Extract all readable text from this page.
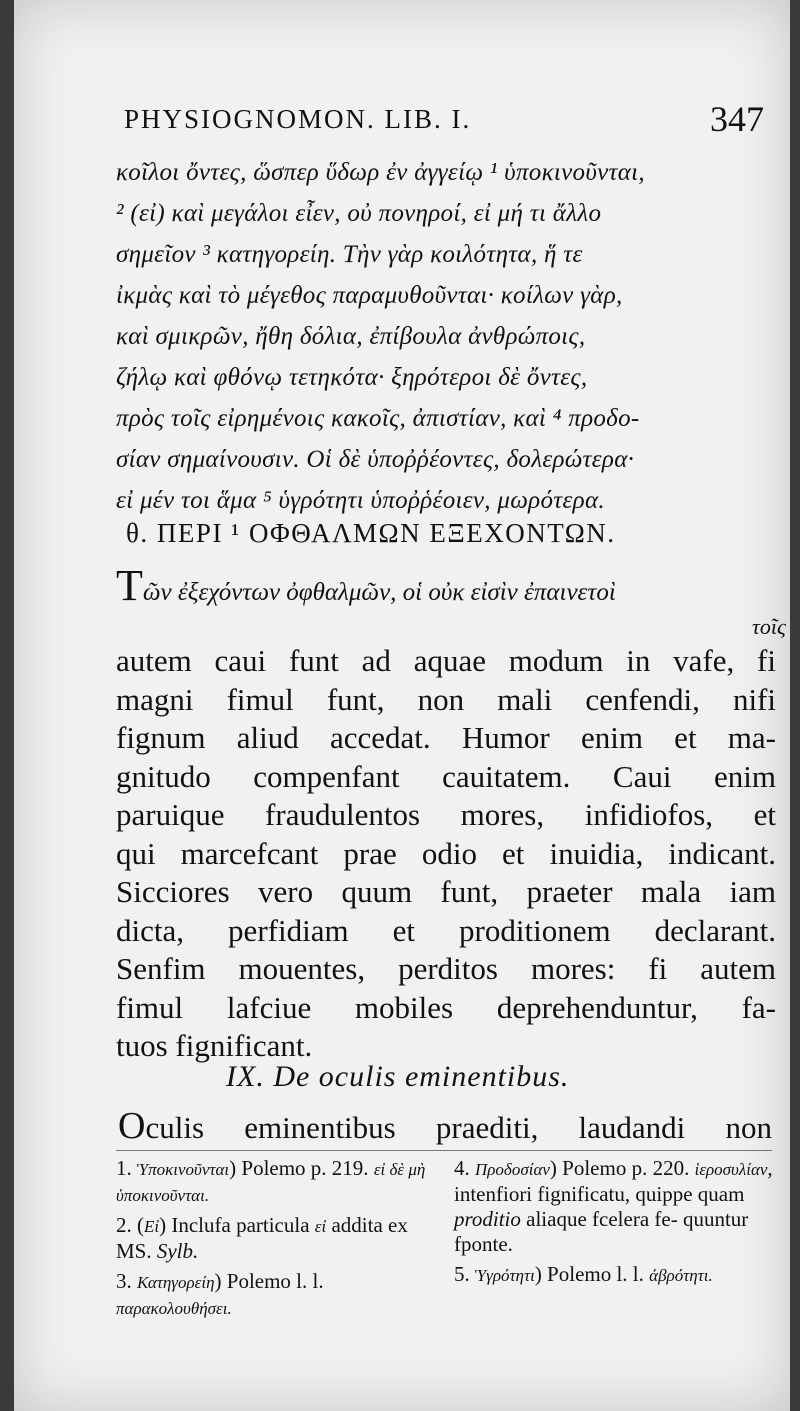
PHYSIOGNOMON. LIB. I.	347
κοῖλοι ὄντες, ὥσπερ ὕδωρ ἐν ἀγγείῳ ¹ ὑποκινοῦνται,
² (εἰ) καὶ μεγάλοι εἶεν, οὐ πονηροί, εἰ μή τι ἄλλο
σημεῖον ³ κατηγορείη. Τὴν γὰρ κοιλότητα, ἥ τε
ἰκμὰς καὶ τὸ μέγεθος παραμυθοῦνται· κοίλων γὰρ,
καὶ σμικρῶν, ἤθη δόλια, ἐπίβουλα ἀνθρώποις,
ζήλῳ καὶ φθόνῳ τετηκότα· ξηρότεροι δὲ ὄντες,
πρὸς τοῖς εἰρημένοις κακοῖς, ἀπιστίαν, καὶ ⁴ προδο-
σίαν σημαίνουσιν. Οἱ δὲ ὑποῤῥέοντες, δολερώτερα·
εἰ μέν τοι ἅμα ⁵ ὑγρότητι ὑποῤῥέοιεν, μωρότερα.
θ. ΠΕΡΙ ¹ ΟΦΘΑΛΜΩΝ ΕΞΕΧΟΝΤΩΝ.
Τῶν ἐξεχόντων ὀφθαλμῶν, οἱ οὐκ εἰσὶν ἐπαινετοὶ
τοῖς
autem caui funt ad aquae modum in vafe, fi
magni fimul funt, non mali cenfendi, nifi
fignum aliud accedat. Humor enim et ma-
gnitudo compenfant cauitatem. Caui enim
paruique fraudulentos mores, infidiofos, et
qui marcefcant prae odio et inuidia, indicant.
Sicciores vero quum funt, praeter mala iam
dicta, perfidiam et proditionem declarant.
Senfim mouentes, perditos mores: fi autem
fimul lafciue mobiles deprehenduntur, fa-
tuos fignificant.
IX. De oculis eminentibus.
Oculis eminentibus praediti, laudandi non
1. Ὑποκινοῦνται) Polemo p. 219. εἰ δὲ μὴ ὑποκινοῦνται.
2. (Εἰ) Inclufa particula εἰ addita ex MS. Sylb.
3. Κατηγορείη) Polemo l. l. παρακολουθήσει.
4. Προδοσίαν) Polemo p. 220. ἱεροσυλίαν, intenfiori fignificatu, quippe quam proditio aliaque fcelera fe- quuntur fponte.
5. Ὑγρότητι) Polemo l. l. ἀβρότητι.
